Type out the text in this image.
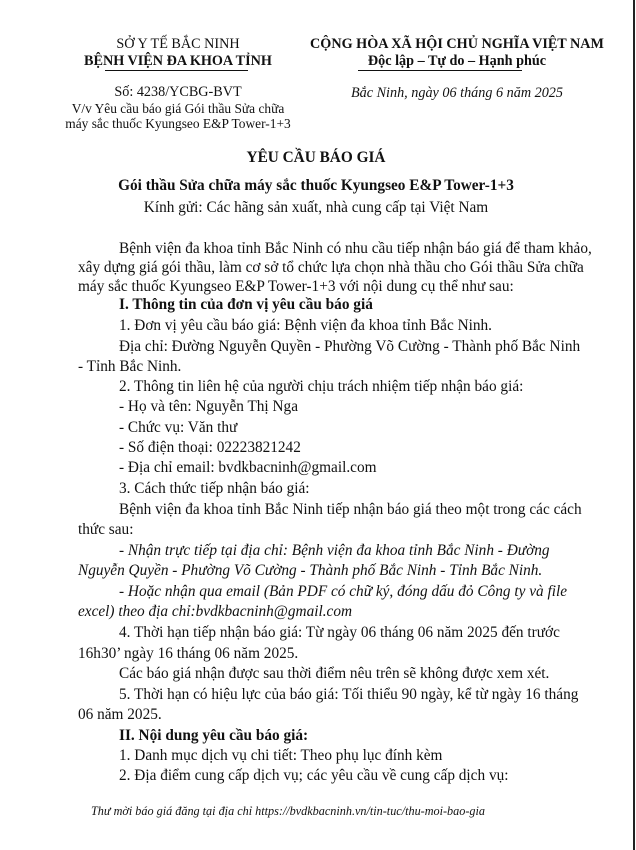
SỞ Y TẾ BẮC NINH
BỆNH VIỆN ĐA KHOA TỈNH
Số: 4238/YCBG-BVT
V/v Yêu cầu báo giá Gói thầu Sửa chữa
máy sắc thuốc Kyungseo E&P Tower-1+3
CỘNG HÒA XÃ HỘI CHỦ NGHĨA VIỆT NAM
Độc lập – Tự do – Hạnh phúc
Bắc Ninh, ngày 06 tháng 6 năm 2025
YÊU CẦU BÁO GIÁ
Gói thầu Sửa chữa máy sắc thuốc Kyungseo E&P Tower-1+3
Kính gửi: Các hãng sản xuất, nhà cung cấp tại Việt Nam
Bệnh viện đa khoa tỉnh Bắc Ninh có nhu cầu tiếp nhận báo giá để tham khảo,
xây dựng giá gói thầu, làm cơ sở tổ chức lựa chọn nhà thầu cho Gói thầu Sửa chữa
máy sắc thuốc Kyungseo E&P Tower-1+3 với nội dung cụ thể như sau:
I. Thông tin của đơn vị yêu cầu báo giá
1. Đơn vị yêu cầu báo giá: Bệnh viện đa khoa tỉnh Bắc Ninh.
Địa chỉ: Đường Nguyễn Quyền - Phường Võ Cường - Thành phố Bắc Ninh
- Tỉnh Bắc Ninh.
2. Thông tin liên hệ của người chịu trách nhiệm tiếp nhận báo giá:
- Họ và tên: Nguyễn Thị Nga
- Chức vụ: Văn thư
- Số điện thoại: 02223821242
- Địa chỉ email: bvdkbacninh@gmail.com
3. Cách thức tiếp nhận báo giá:
Bệnh viện đa khoa tỉnh Bắc Ninh tiếp nhận báo giá theo một trong các cách
thức sau:
- Nhận trực tiếp tại địa chỉ: Bệnh viện đa khoa tỉnh Bắc Ninh - Đường
Nguyễn Quyền - Phường Võ Cường - Thành phố Bắc Ninh - Tỉnh Bắc Ninh.
- Hoặc nhận qua email (Bản PDF có chữ ký, đóng dấu đỏ Công ty và file
excel) theo địa chỉ:bvdkbacninh@gmail.com
4. Thời hạn tiếp nhận báo giá: Từ ngày 06 tháng 06 năm 2025 đến trước
16h30’ ngày 16 tháng 06 năm 2025.
Các báo giá nhận được sau thời điểm nêu trên sẽ không được xem xét.
5. Thời hạn có hiệu lực của báo giá: Tối thiểu 90 ngày, kể từ ngày 16 tháng
06 năm 2025.
II. Nội dung yêu cầu báo giá:
1. Danh mục dịch vụ chi tiết: Theo phụ lục đính kèm
2. Địa điểm cung cấp dịch vụ; các yêu cầu về cung cấp dịch vụ:
Thư mời báo giá đăng tại địa chỉ https://bvdkbacninh.vn/tin-tuc/thu-moi-bao-gia
